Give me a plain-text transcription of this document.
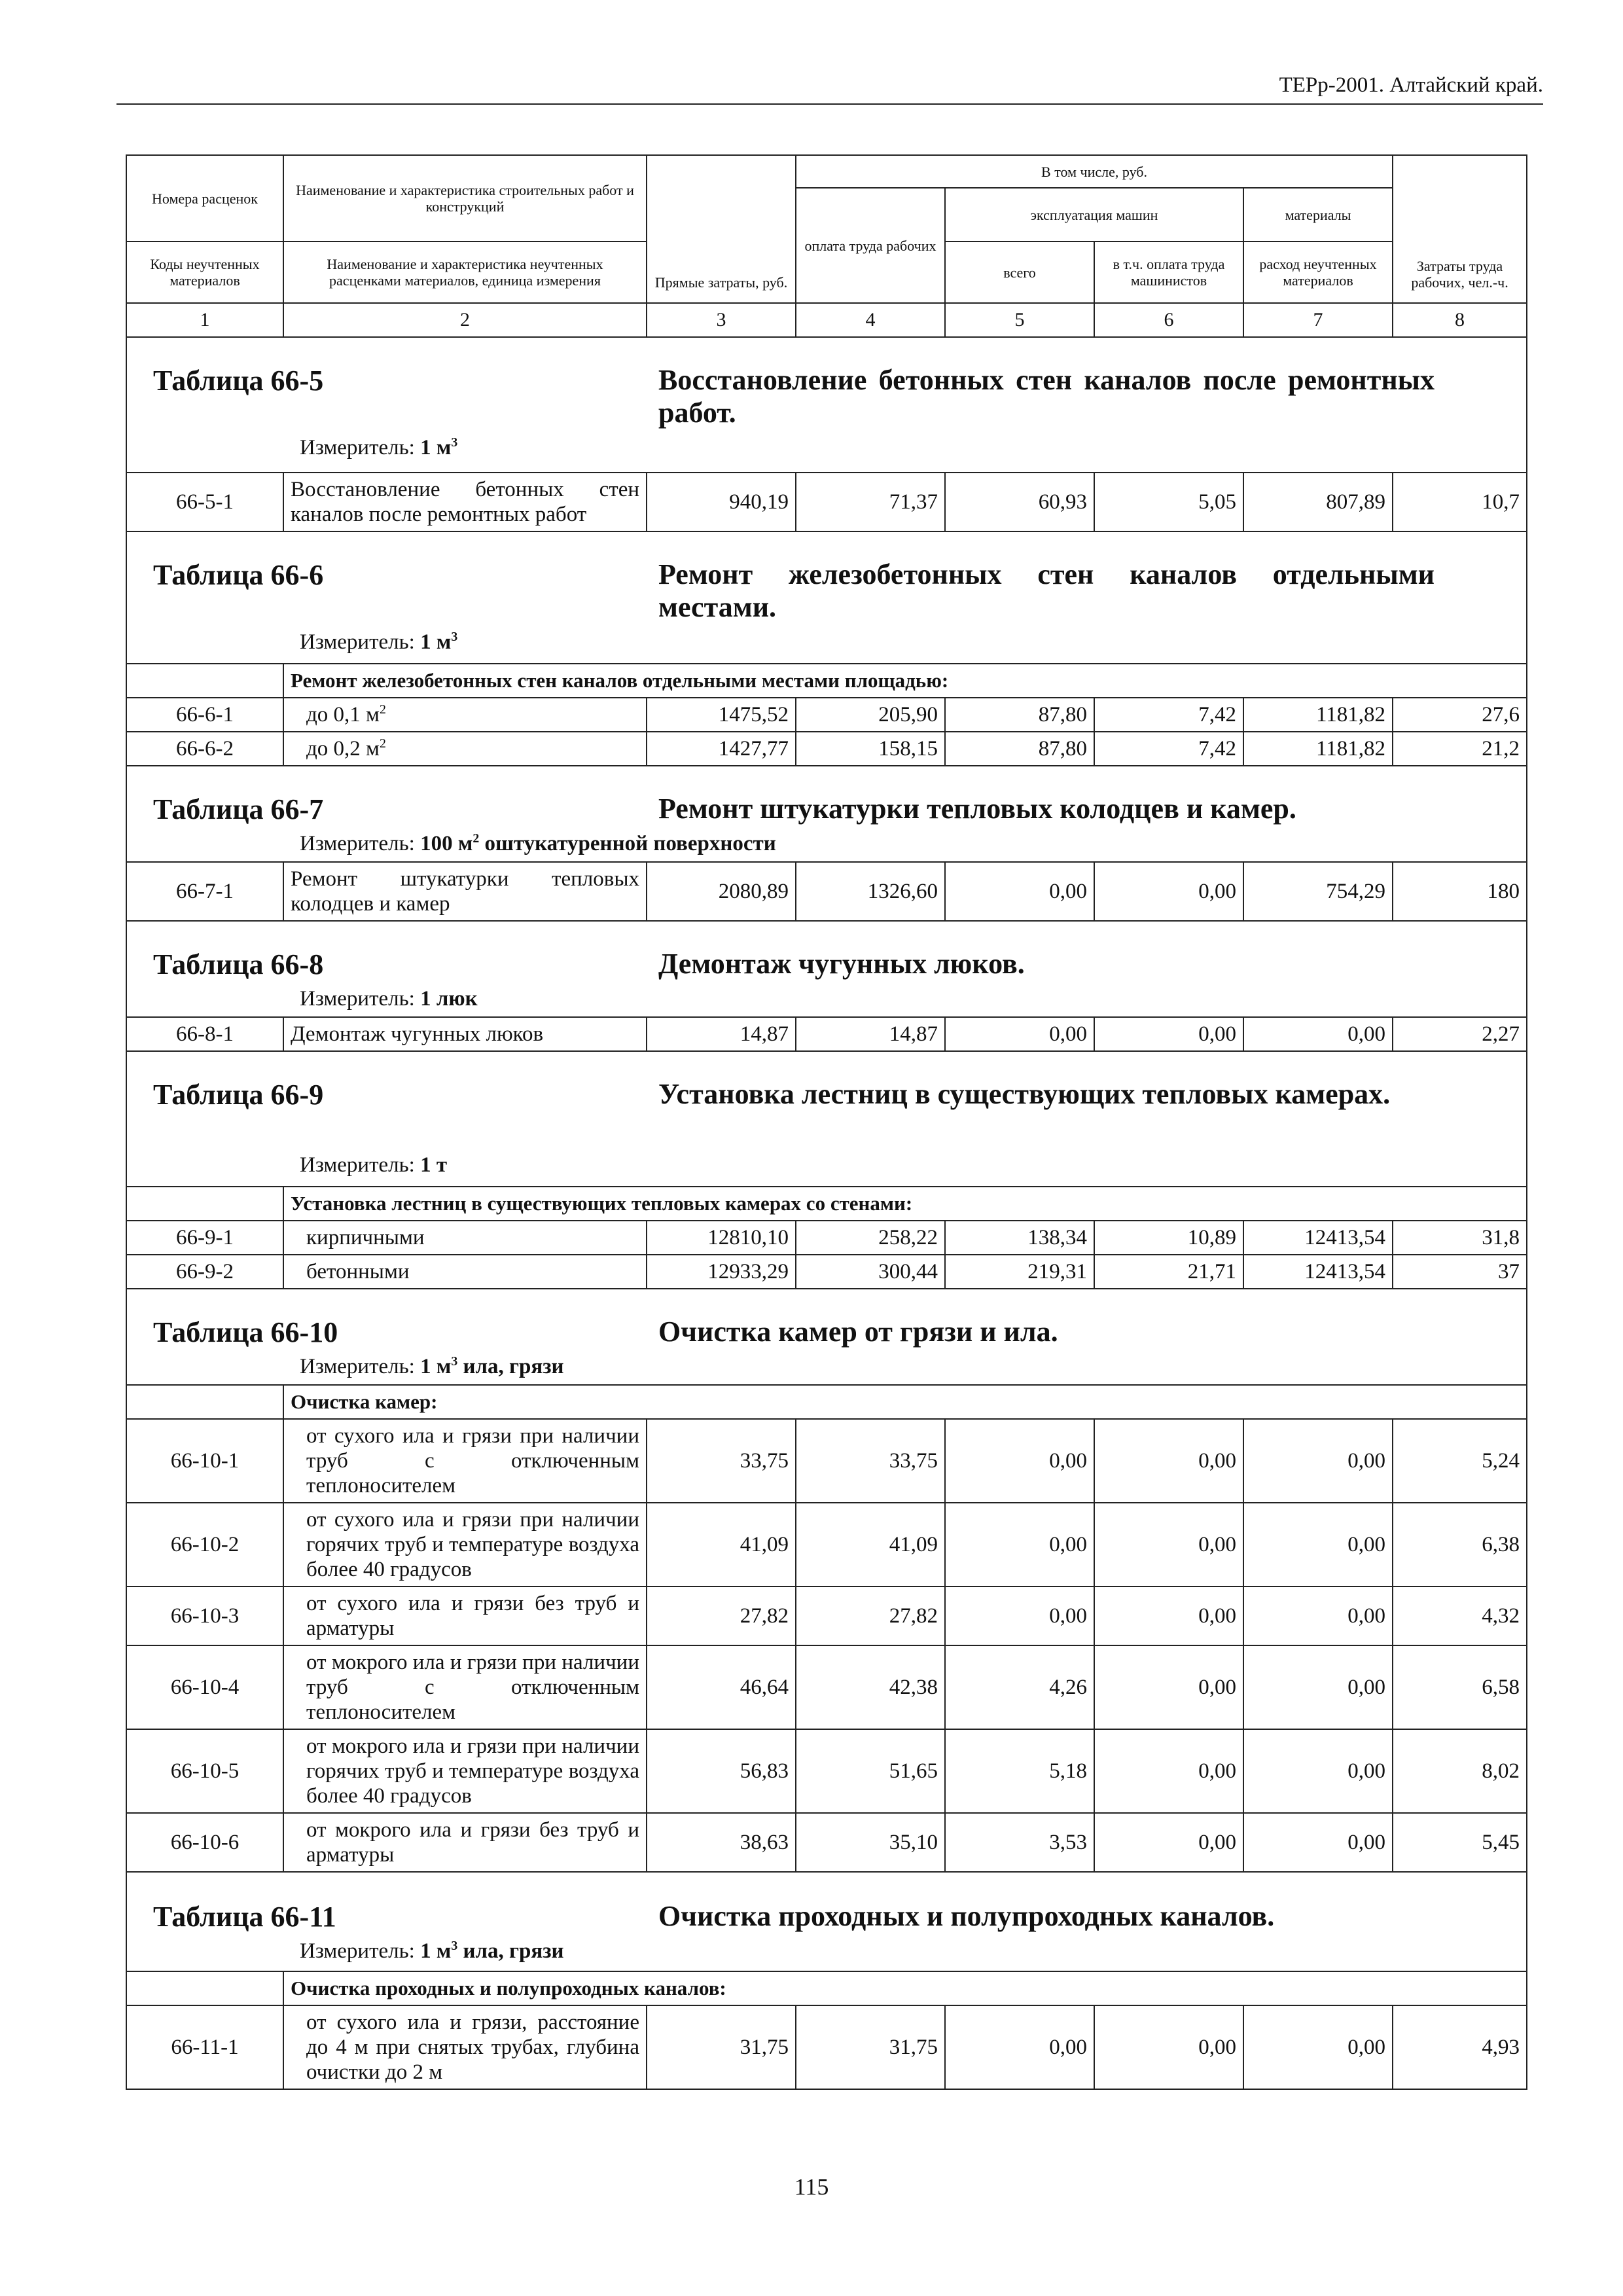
ТЕРр-2001. Алтайский край.
Номера расценок	Наименование и характеристика строительных работ и конструкций	Прямые затраты, руб.	В том числе, руб.				Затраты труда рабочих, чел.-ч.
			оплата труда рабочих	эксплуатация машин		материалы	
Коды неучтенных материалов	Наименование и характеристика неучтенных расценками материалов, единица измерения			всего	в т.ч. оплата труда машинистов	расход неучтенных материалов	
1	2	3	4	5	6	7	8

Таблица 66-5 Восстановление бетонных стен каналов после ремонтных работ.
Измеритель: 1 $м^3$

66-5-1	Восстановление бетонных стен каналов после ремонтных работ	940,19	71,37	60,93	5,05	807,89	10,7

Таблица 66-6 Ремонт железобетонных стен каналов отдельными местами.
Измеритель: 1 $м^3$

	Ремонт железобетонных стен каналов отдельными местами площадью:						
66-6-1	до 0,1 $м^2$	1475,52	205,90	87,80	7,42	1181,82	27,6
66-6-2	до 0,2 $м^2$	1427,77	158,15	87,80	7,42	1181,82	21,2

Таблица 66-7 Ремонт штукатурки тепловых колодцев и камер.
Измеритель: 100 $м^2$ оштукатуренной поверхности							

66-7-1	Ремонт штукатурки тепловых колодцев и камер	2080,89	1326,60	0,00	0,00	754,29	180

Таблица 66-8 Демонтаж чугунных люков.
Измеритель: 1 люк							

66-8-1	Демонтаж чугунных люков	14,87	14,87	0,00	0,00	0,00	2,27

Таблица 66-9 Установка лестниц в существующих тепловых камерах.
Измеритель: 1 т							

	Установка лестниц в существующих тепловых камерах со стенами:						
66-9-1	кирпичными	12810,10	258,22	138,34	10,89	12413,54	31,8
66-9-2	бетонными	12933,29	300,44	219,31	21,71	12413,54	37

Таблица 66-10 Очистка камер от грязи и ила.
Измеритель: 1 $м^3$ ила, грязи							

	Очистка камер:						
66-10-1	от сухого ила и грязи при наличии труб с отключенным теплоносителем	33,75	33,75	0,00	0,00	0,00	5,24
66-10-2	от сухого ила и грязи при наличии горячих труб и температуре воздуха более 40 градусов	41,09	41,09	0,00	0,00	0,00	6,38
66-10-3	от сухого ила и грязи без труб и арматуры	27,82	27,82	0,00	0,00	0,00	4,32
66-10-4	от мокрого ила и грязи при наличии труб с отключенным теплоносителем	46,64	42,38	4,26	0,00	0,00	6,58
66-10-5	от мокрого ила и грязи при наличии горячих труб и температуре воздуха более 40 градусов	56,83	51,65	5,18	0,00	0,00	8,02
66-10-6	от мокрого ила и грязи без труб и арматуры	38,63	35,10	3,53	0,00	0,00	5,45

Таблица 66-11 Очистка проходных и полупроходных каналов.
Измеритель: 1 $м^3$ ила, грязи							

	Очистка проходных и полупроходных каналов:						
66-11-1	от сухого ила и грязи, расстояние до 4 м при снятых трубах, глубина очистки до 2 м	31,75	31,75	0,00	0,00	0,00	4,93
115
